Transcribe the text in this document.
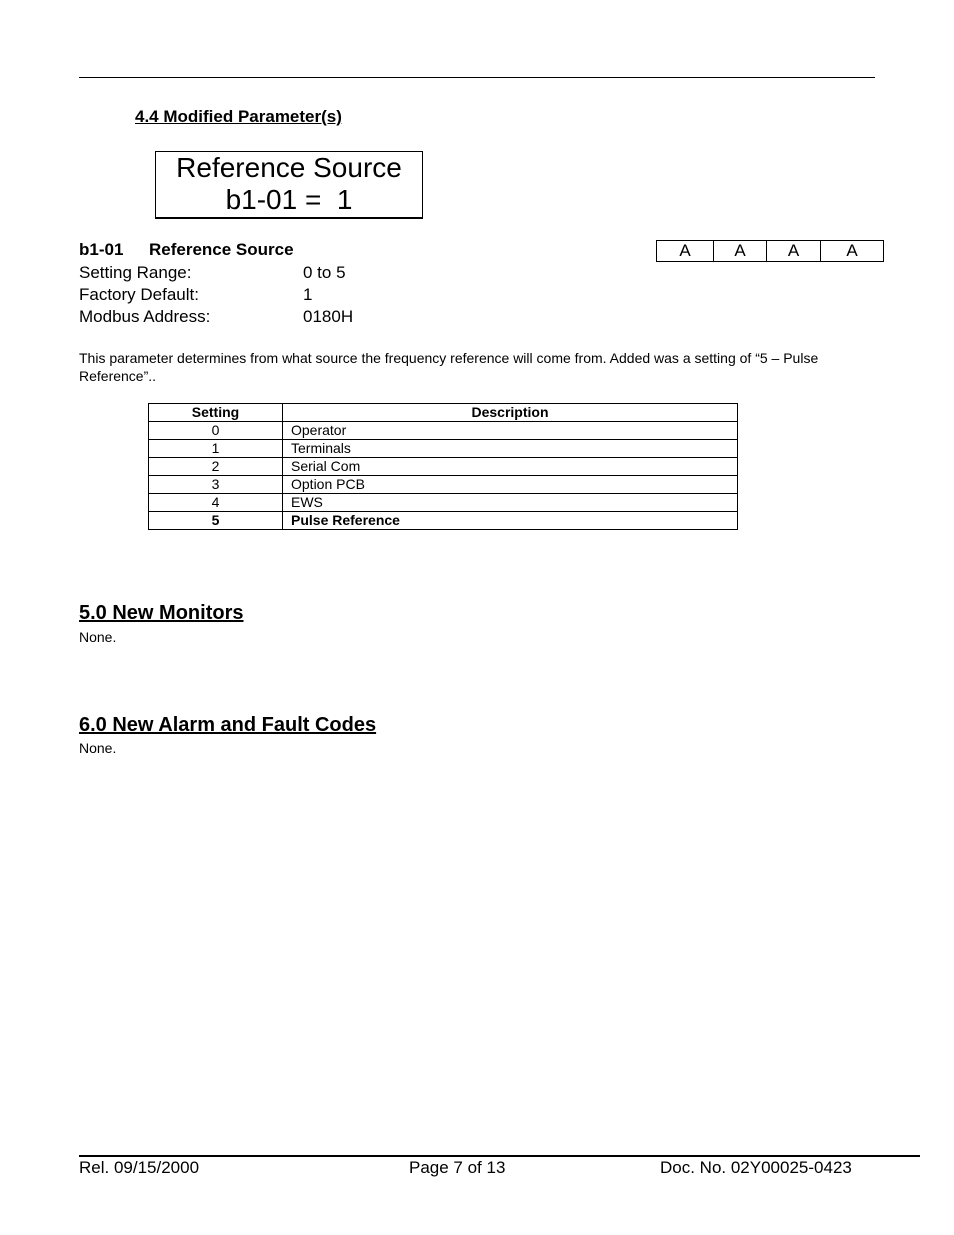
4.4 Modified Parameter(s)
Reference Source
b1-01 =  1
b1-01 Reference Source	A	A	A	A
Setting Range:	0 to 5
Factory Default:	1
Modbus Address:	0180H
This parameter determines from what source the frequency reference will come from. Added was a setting of “5 – Pulse Reference”..
Setting	Description
0	Operator
1	Terminals
2	Serial Com
3	Option PCB
4	EWS
5	Pulse Reference
5.0 New Monitors
None.
6.0 New Alarm and Fault Codes
None.
Rel. 09/15/2000	Page 7 of 13	Doc. No. 02Y00025-0423
